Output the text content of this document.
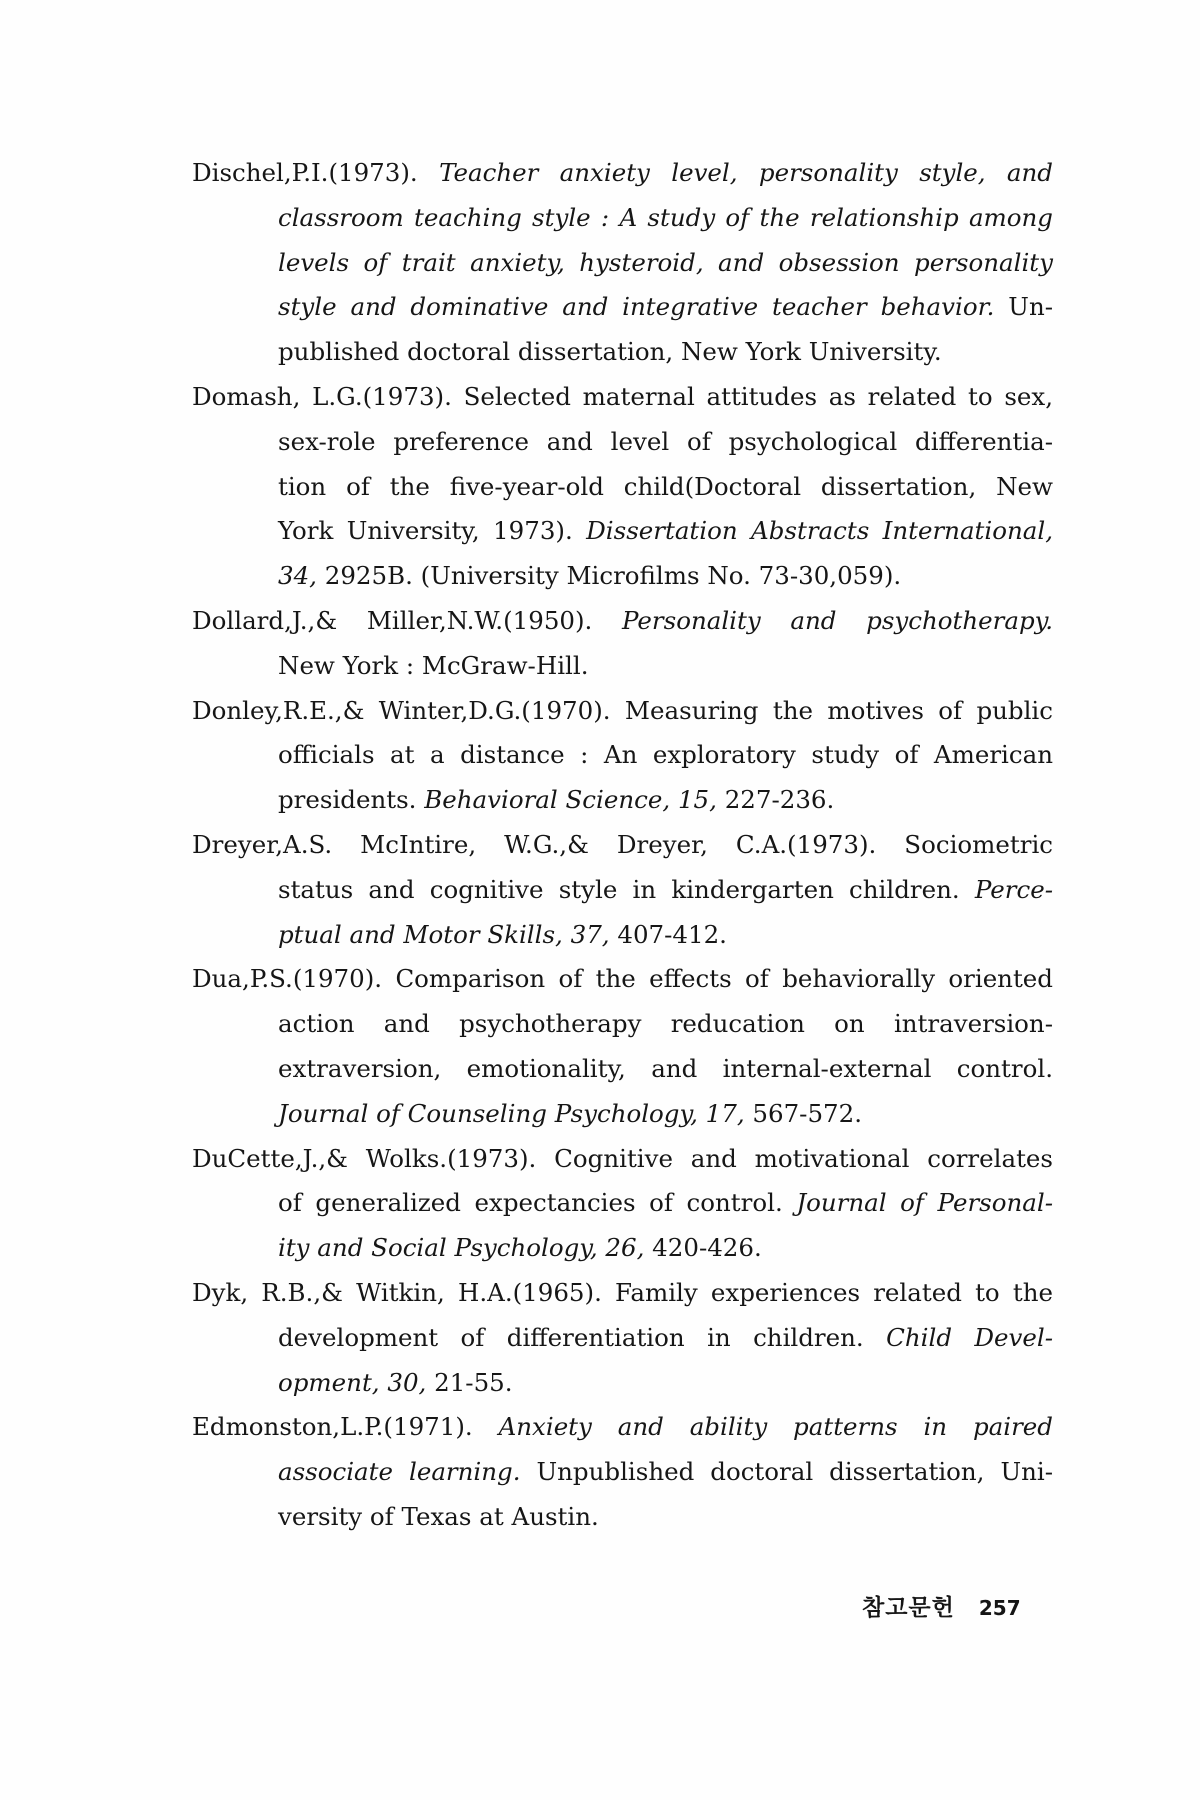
Dischel,P.I.(1973). Teacher anxiety level, personality style, and
classroom teaching style : A study of the relationship among
levels of trait anxiety, hysteroid, and obsession personality
style and dominative and integrative teacher behavior. Un-
published doctoral dissertation, New York University.
Domash, L.G.(1973). Selected maternal attitudes as related to sex,
sex-role preference and level of psychological differentia-
tion of the five-year-old child(Doctoral dissertation, New
York University, 1973). Dissertation Abstracts International,
34, 2925B. (University Microfilms No. 73-30,059).
Dollard,J.,& Miller,N.W.(1950). Personality and psychotherapy.
New York : McGraw-Hill.
Donley,R.E.,& Winter,D.G.(1970). Measuring the motives of public
officials at a distance : An exploratory study of American
presidents. Behavioral Science, 15, 227-236.
Dreyer,A.S. McIntire, W.G.,& Dreyer, C.A.(1973). Sociometric
status and cognitive style in kindergarten children. Perce-
ptual and Motor Skills, 37, 407-412.
Dua,P.S.(1970). Comparison of the effects of behaviorally oriented
action and psychotherapy reducation on intraversion-
extraversion, emotionality, and internal-external control.
Journal of Counseling Psychology, 17, 567-572.
DuCette,J.,& Wolks.(1973). Cognitive and motivational correlates
of generalized expectancies of control. Journal of Personal-
ity and Social Psychology, 26, 420-426.
Dyk, R.B.,& Witkin, H.A.(1965). Family experiences related to the
development of differentiation in children. Child Devel-
opment, 30, 21-55.
Edmonston,L.P.(1971). Anxiety and ability patterns in paired
associate learning. Unpublished doctoral dissertation, Uni-
versity of Texas at Austin.
참고문헌 257
